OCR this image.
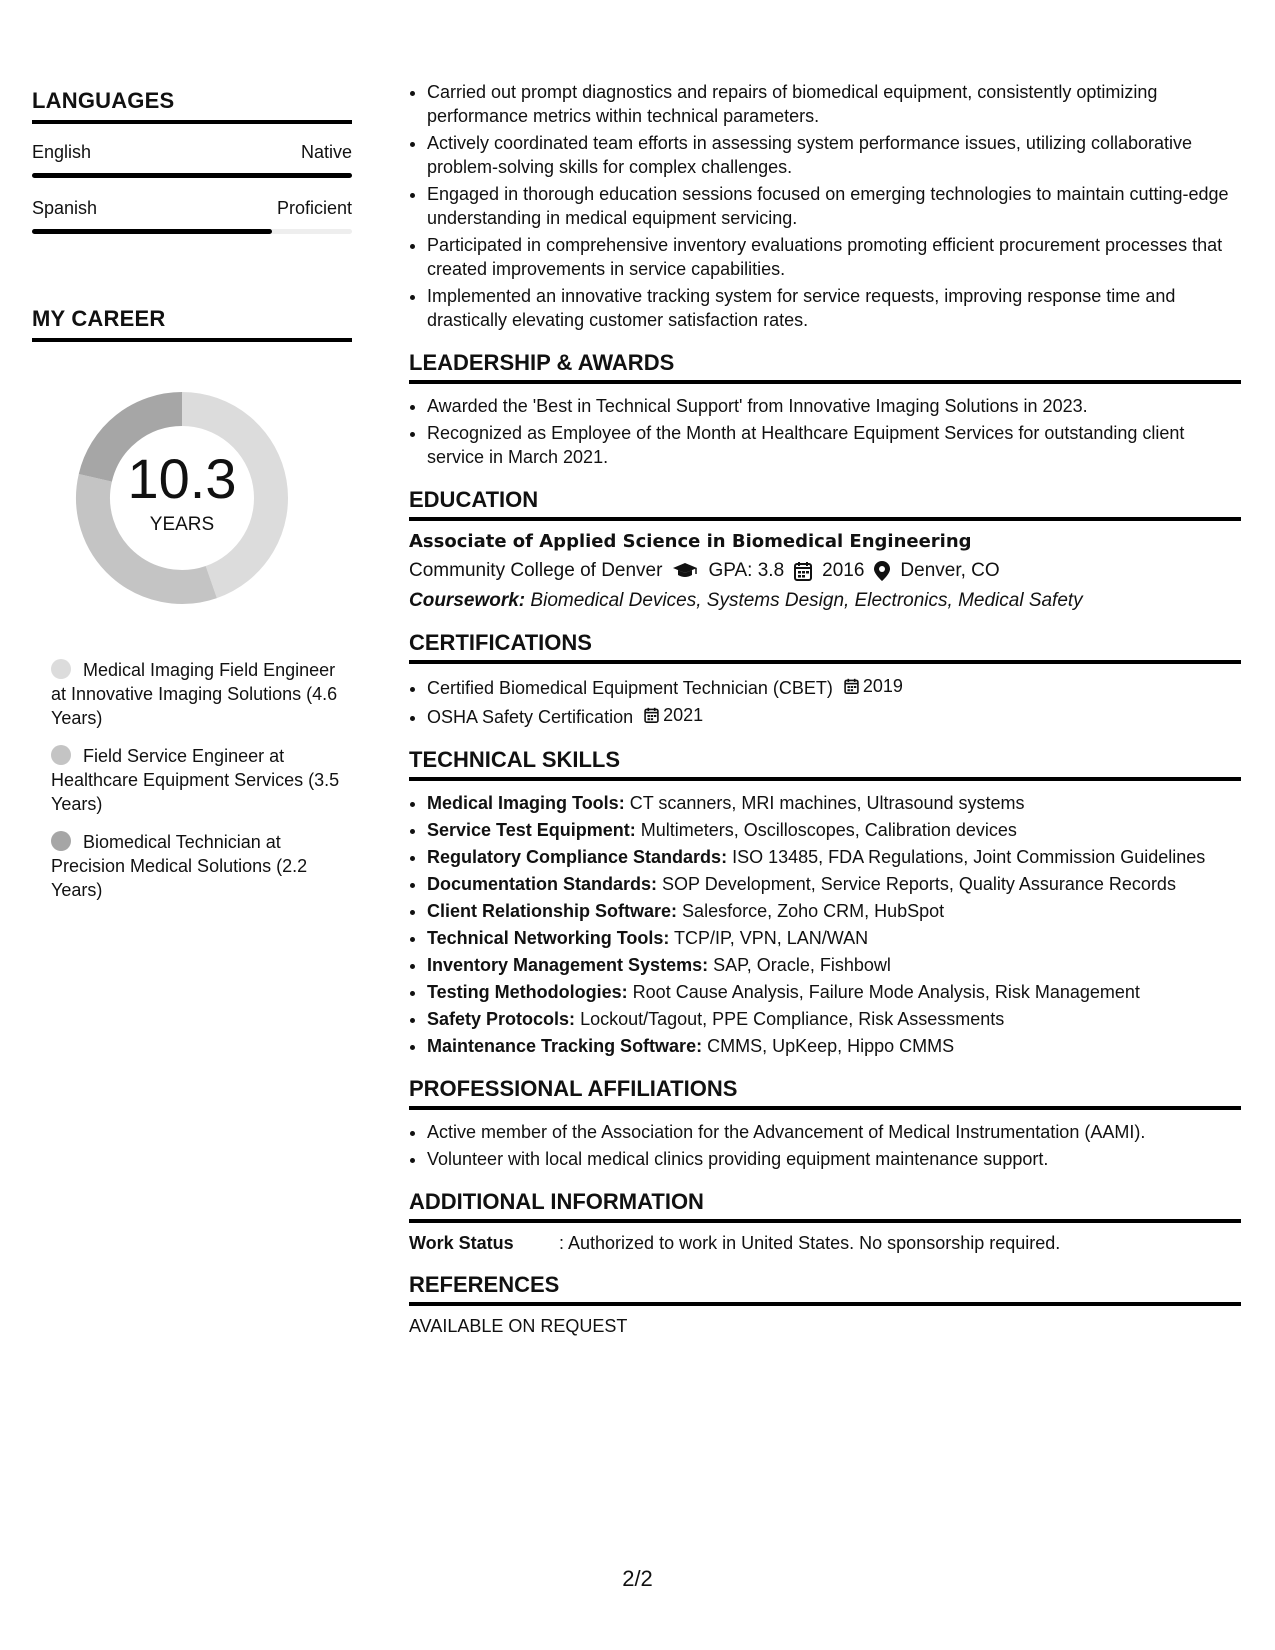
LANGUAGES
English	Native
Spanish	Proficient
MY CAREER
10.3
YEARS
Medical Imaging Field Engineer at Innovative Imaging Solutions (4.6 Years)
Field Service Engineer at Healthcare Equipment Services (3.5 Years)
Biomedical Technician at Precision Medical Solutions (2.2 Years)
• Carried out prompt diagnostics and repairs of biomedical equipment, consistently optimizing performance metrics within technical parameters.
• Actively coordinated team efforts in assessing system performance issues, utilizing collaborative problem-solving skills for complex challenges.
• Engaged in thorough education sessions focused on emerging technologies to maintain cutting-edge understanding in medical equipment servicing.
• Participated in comprehensive inventory evaluations promoting efficient procurement processes that created improvements in service capabilities.
• Implemented an innovative tracking system for service requests, improving response time and drastically elevating customer satisfaction rates.
LEADERSHIP & AWARDS
• Awarded the 'Best in Technical Support' from Innovative Imaging Solutions in 2023.
• Recognized as Employee of the Month at Healthcare Equipment Services for outstanding client service in March 2021.
EDUCATION
Associate of Applied Science in Biomedical Engineering
Community College of Denver GPA: 3.8 2016 Denver, CO
Coursework: Biomedical Devices, Systems Design, Electronics, Medical Safety
CERTIFICATIONS
• Certified Biomedical Equipment Technician (CBET) 2019
• OSHA Safety Certification 2021
TECHNICAL SKILLS
• Medical Imaging Tools: CT scanners, MRI machines, Ultrasound systems
• Service Test Equipment: Multimeters, Oscilloscopes, Calibration devices
• Regulatory Compliance Standards: ISO 13485, FDA Regulations, Joint Commission Guidelines
• Documentation Standards: SOP Development, Service Reports, Quality Assurance Records
• Client Relationship Software: Salesforce, Zoho CRM, HubSpot
• Technical Networking Tools: TCP/IP, VPN, LAN/WAN
• Inventory Management Systems: SAP, Oracle, Fishbowl
• Testing Methodologies: Root Cause Analysis, Failure Mode Analysis, Risk Management
• Safety Protocols: Lockout/Tagout, PPE Compliance, Risk Assessments
• Maintenance Tracking Software: CMMS, UpKeep, Hippo CMMS
PROFESSIONAL AFFILIATIONS
• Active member of the Association for the Advancement of Medical Instrumentation (AAMI).
• Volunteer with local medical clinics providing equipment maintenance support.
ADDITIONAL INFORMATION
Work Status	: Authorized to work in United States. No sponsorship required.
REFERENCES
AVAILABLE ON REQUEST
2/2
